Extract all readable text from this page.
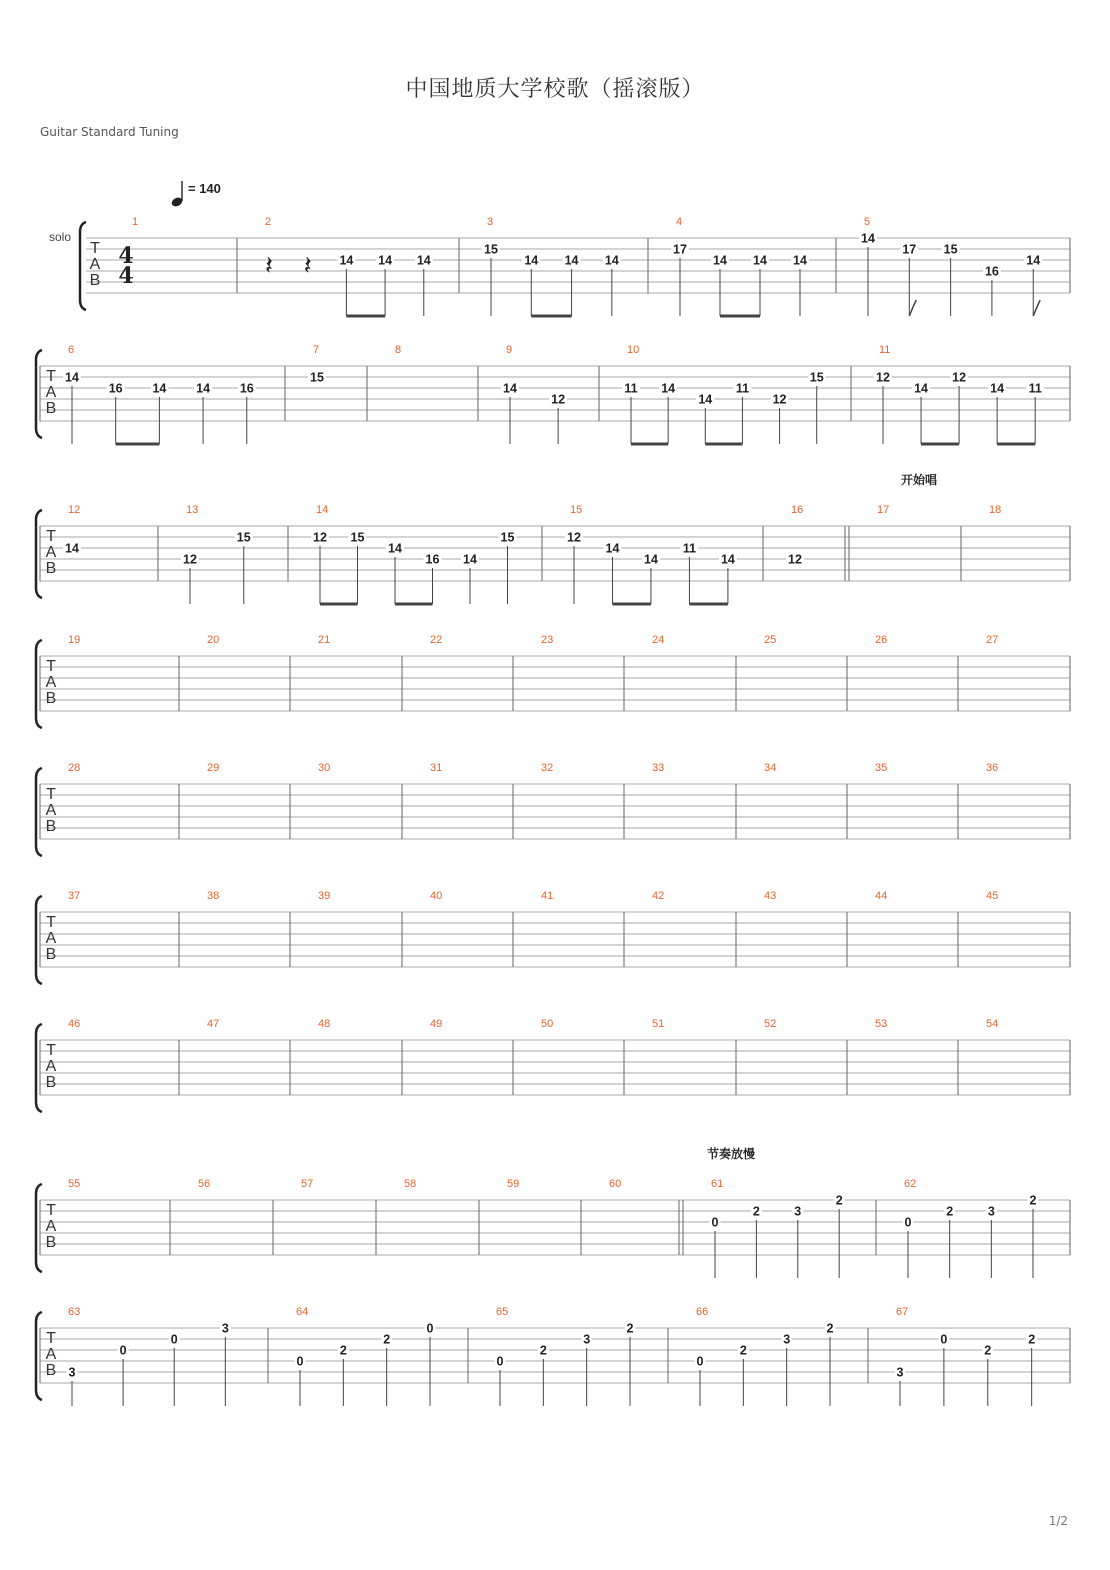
中国地质大学校歌（摇滚版）
Guitar Standard Tuning
= 140
solo
T
A
B
4
4
1	2
𝄽 𝄽 14 14 14
3
15
14 14 14
4
17
14 14 14
5
14
17 15
16
14
T
A
B
6
14
16 14 14 16
7
15
8	9
14
12
10
11 14
14
11
12
15
11
12
14
12
14 11
T
A
B
12
14
13
12
15
14
12 15
14
16 14
15
15
12
14
14
11
14
16
12
17
开始唱
18
T
A
B
19	20	21	22	23	24	25	26	27
T
A
B
28	29	30	31	32	33	34	35	36
T
A
B
37	38	39	40	41	42	43	44	45
T
A
B
46	47	48	49	50	51	52	53	54
T
A
B
55	56	57	58	59	60	61
节奏放慢
0
2	3
2
62
0
2	3
2
T
A
B
63
3
0
0
3
64
0
2
2
0
65
0
2
3
2
66
0
2
3
2
67
3
0
2
2
1/2
